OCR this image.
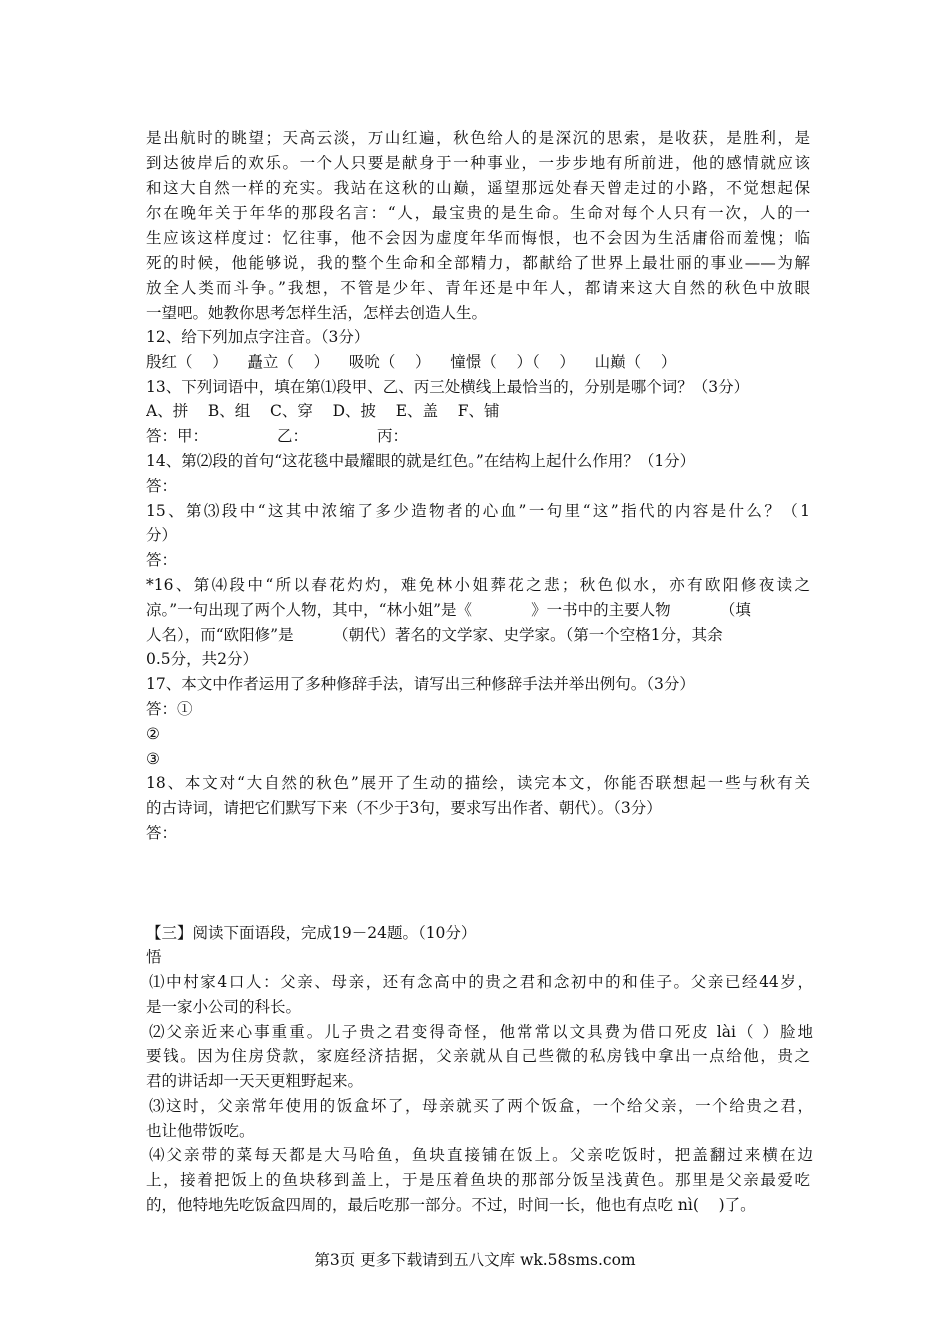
是出航时的眺望；天高云淡，万山红遍，秋色给人的是深沉的思索，是收获，是胜利，是
到达彼岸后的欢乐。一个人只要是献身于一种事业，一步步地有所前进，他的感情就应该
和这大自然一样的充实。我站在这秋的山巅，遥望那远处春天曾走过的小路，不觉想起保
尔在晚年关于年华的那段名言：“人，最宝贵的是生命。生命对每个人只有一次，人的一
生应该这样度过：忆往事，他不会因为虚度年华而悔恨，也不会因为生活庸俗而羞愧；临
死的时候，他能够说，我的整个生命和全部精力，都献给了世界上最壮丽的事业——为解
放全人类而斗争。”我想，不管是少年、青年还是中年人，都请来这大自然的秋色中放眼
一望吧。她教你思考怎样生活，怎样去创造人生。
12、给下列加点字注音。（3分）
殷红（    ）    矗立（    ）    吸吮（    ）    憧憬（    ）（    ）    山巅（    ）
13、下列词语中，填在第⑴段甲、乙、丙三处横线上最恰当的，分别是哪个词？（3分）
A、拼    B、组    C、穿    D、披    E、盖    F、铺
答：甲：              乙：              丙：
14、第⑵段的首句“这花毯中最耀眼的就是红色。”在结构上起什么作用？（1分）
答：
15、第⑶段中“这其中浓缩了多少造物者的心血”一句里“这”指代的内容是什么？（1
分）
答：
*16、第⑷段中“所以春花灼灼，难免林小姐葬花之悲；秋色似水，亦有欧阳修夜读之
凉。”一句出现了两个人物，其中，“林小姐”是《            》一书中的主要人物          （填
人名），而“欧阳修”是        （朝代）著名的文学家、史学家。（第一个空格1分，其余
0.5分，共2分）
17、本文中作者运用了多种修辞手法，请写出三种修辞手法并举出例句。（3分）
答：①
②
③
18、本文对“大自然的秋色”展开了生动的描绘，读完本文，你能否联想起一些与秋有关
的古诗词，请把它们默写下来（不少于3句，要求写出作者、朝代）。（3分）
答：
【三】阅读下面语段，完成19－24题。（10分）
悟
⑴中村家4口人：父亲、母亲，还有念高中的贵之君和念初中的和佳子。父亲已经44岁，
是一家小公司的科长。
⑵父亲近来心事重重。儿子贵之君变得奇怪，他常常以文具费为借口死皮 lài（ ）脸地
要钱。因为住房贷款，家庭经济拮据，父亲就从自己些微的私房钱中拿出一点给他，贵之
君的讲话却一天天更粗野起来。
⑶这时，父亲常年使用的饭盒坏了，母亲就买了两个饭盒，一个给父亲，一个给贵之君，
也让他带饭吃。
⑷父亲带的菜每天都是大马哈鱼，鱼块直接铺在饭上。父亲吃饭时，把盖翻过来横在边
上，接着把饭上的鱼块移到盖上，于是压着鱼块的那部分饭呈浅黄色。那里是父亲最爱吃
的，他特地先吃饭盒四周的，最后吃那一部分。不过，时间一长，他也有点吃 nì(    )了。
第3页 更多下载请到五八文库 wk.58sms.com
